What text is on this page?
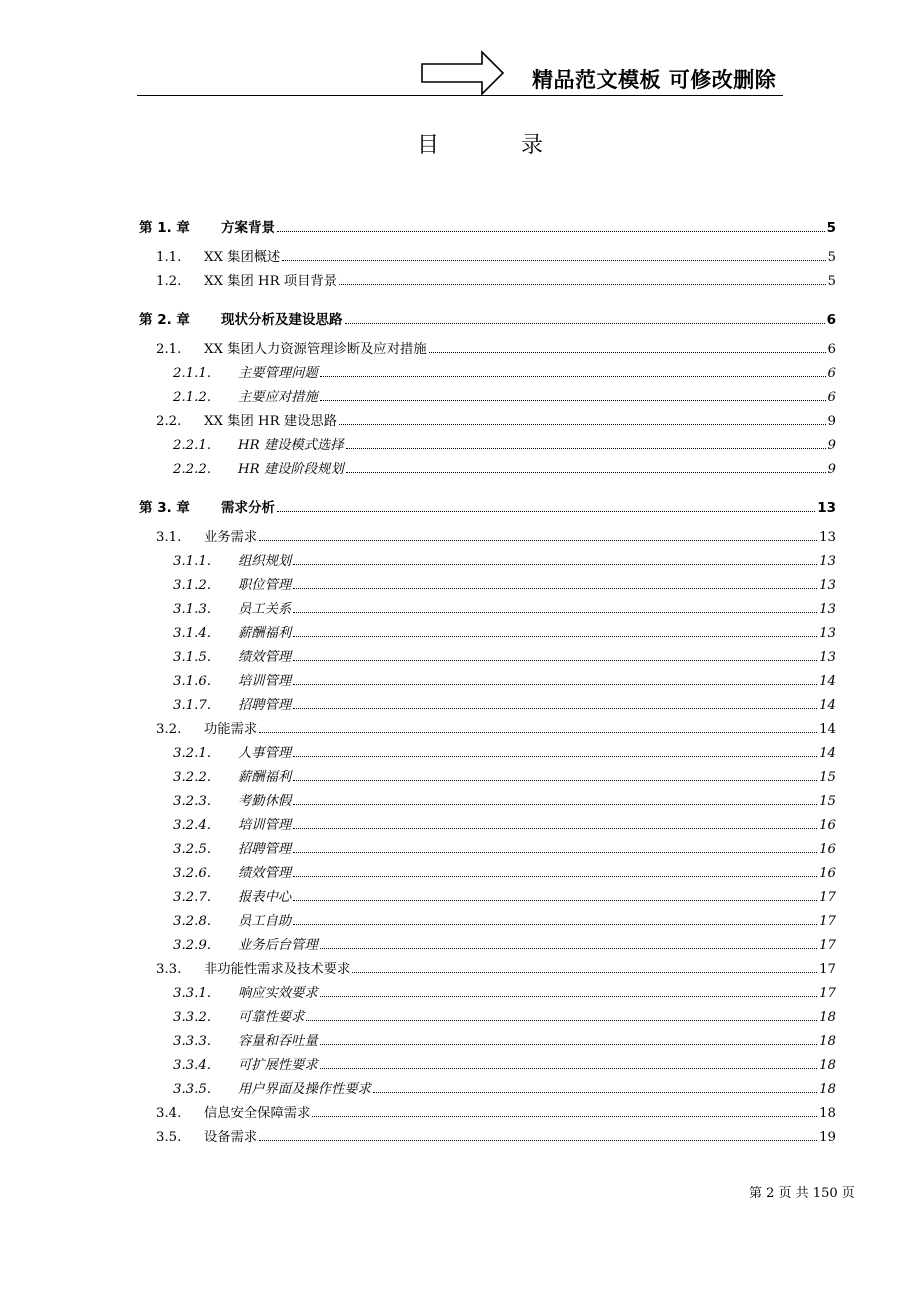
精品范文模板 可修改删除
目	录
第 1. 章	方案背景	5
1.1.	XX 集团概述	5
1.2.	XX 集团 HR 项目背景	5
第 2. 章	现状分析及建设思路	6
2.1.	XX 集团人力资源管理诊断及应对措施	6
2.1.1.	主要管理问题	6
2.1.2.	主要应对措施	6
2.2.	XX 集团 HR 建设思路	9
2.2.1.	HR 建设模式选择	9
2.2.2.	HR 建设阶段规划	9
第 3. 章	需求分析	13
3.1.	业务需求	13
3.1.1.	组织规划	13
3.1.2.	职位管理	13
3.1.3.	员工关系	13
3.1.4.	薪酬福利	13
3.1.5.	绩效管理	13
3.1.6.	培训管理	14
3.1.7.	招聘管理	14
3.2.	功能需求	14
3.2.1.	人事管理	14
3.2.2.	薪酬福利	15
3.2.3.	考勤休假	15
3.2.4.	培训管理	16
3.2.5.	招聘管理	16
3.2.6.	绩效管理	16
3.2.7.	报表中心	17
3.2.8.	员工自助	17
3.2.9.	业务后台管理	17
3.3.	非功能性需求及技术要求	17
3.3.1.	响应实效要求	17
3.3.2.	可靠性要求	18
3.3.3.	容量和吞吐量	18
3.3.4.	可扩展性要求	18
3.3.5.	用户界面及操作性要求	18
3.4.	信息安全保障需求	18
3.5.	设备需求	19
第 2 页 共 150 页
